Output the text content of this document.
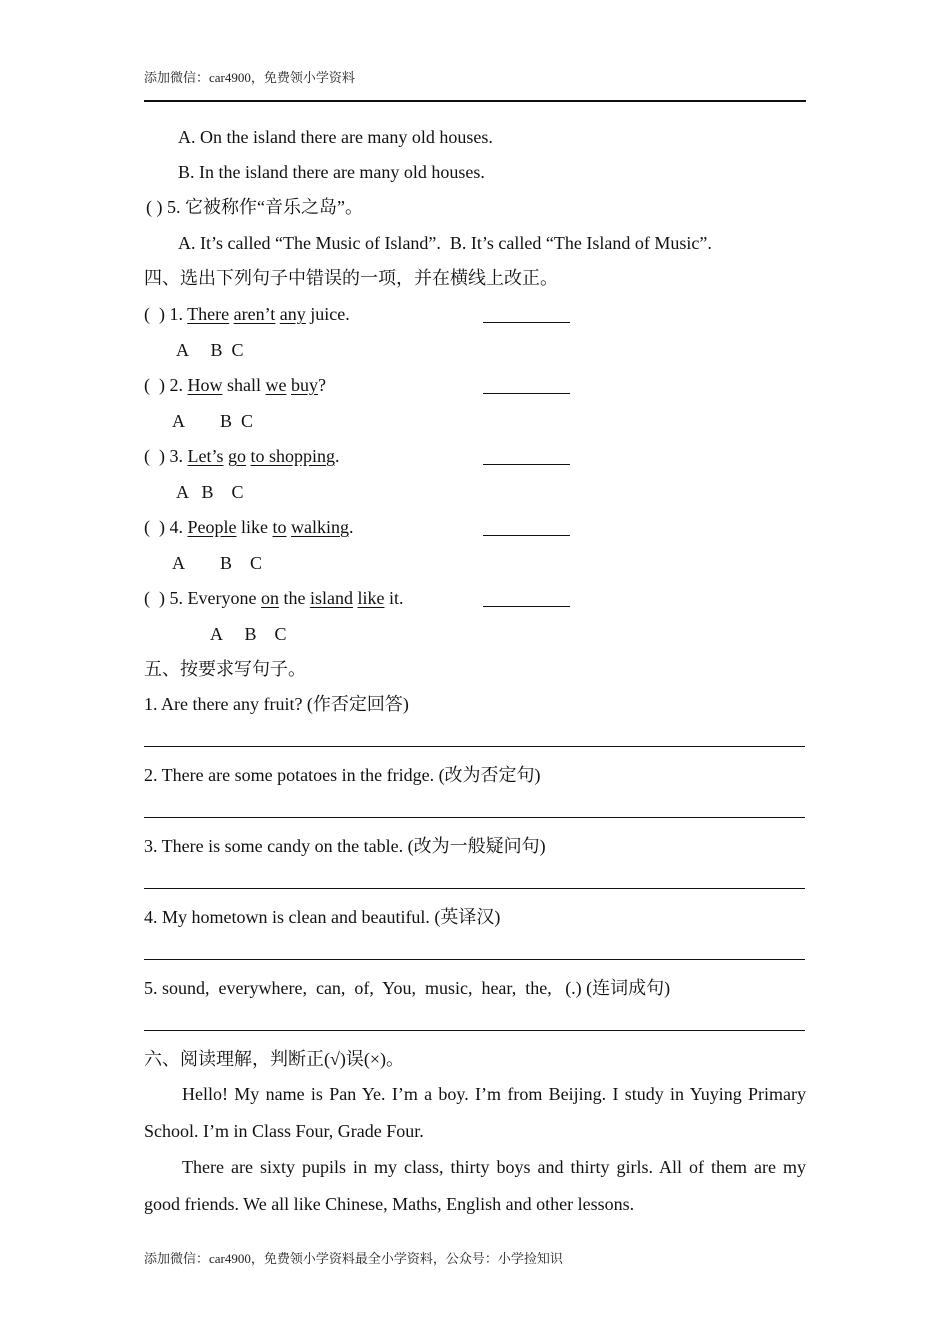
添加微信：car4900，免费领小学资料
A. On the island there are many old houses.
B. In the island there are many old houses.
( ) 5. 它被称作“音乐之岛”。
A. It’s called “The Music of Island”.  B. It’s called “The Island of Music”.
四、选出下列句子中错误的一项，并在横线上改正。
(  ) 1. There aren’t any juice.
A     B  C
(  ) 2. How shall we buy?
A        B  C
(  ) 3. Let’s go to shopping.
A   B    C
(  ) 4. People like to walking.
A        B    C
(  ) 5. Everyone on the island like it.
A     B    C
五、按要求写句子。
1. Are there any fruit? (作否定回答)
2. There are some potatoes in the fridge. (改为否定句)
3. There is some candy on the table. (改为一般疑问句)
4. My hometown is clean and beautiful. (英译汉)
5. sound,  everywhere,  can,  of,  You,  music,  hear,  the,   (.) (连词成句)
六、阅读理解，判断正(√)误(×)。
Hello! My name is Pan Ye. I’m a boy. I’m from Beijing. I study in Yuying Primary School. I’m in Class Four, Grade Four.
There are sixty pupils in my class, thirty boys and thirty girls. All of them are my good friends. We all like Chinese, Maths, English and other lessons.
添加微信：car4900，免费领小学资料最全小学资料，公众号：小学捡知识
